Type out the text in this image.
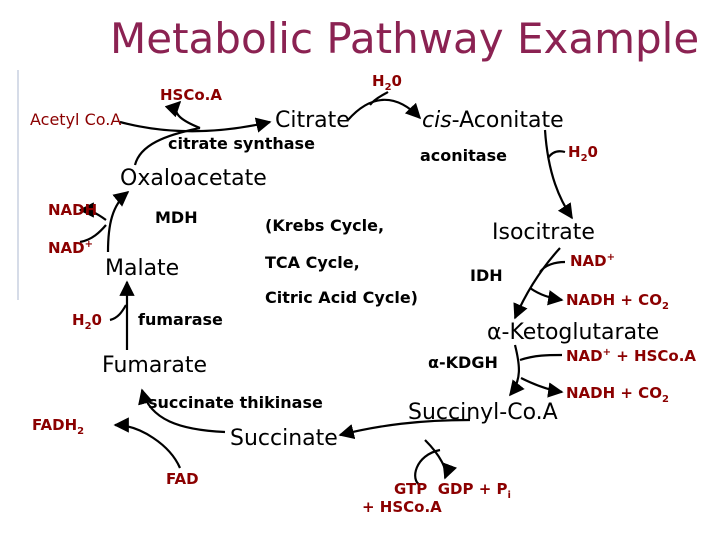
Metabolic Pathway Example
Acetyl Co.A	Citrate	cis-Aconitate
Isocitrate
α-Ketoglutarate
Succinyl-Co.A
Succinate
Fumarate
Malate
Oxaloacetate
citrate synthase
aconitase
IDH
α-KDGH
succinate thikinase
fumarase
MDH	(Krebs Cycle,
TCA Cycle,
Citric Acid Cycle)
HSCo.A
$H_20$
$H_20$
NAD+
NADH + $CO_2$
NAD+ + HSCo.A
NADH + $CO_2$
GTP  GDP + $P_i$
+ HSCo.A
FAD
$FADH_2$
$H_20$
NAD+
NADH
